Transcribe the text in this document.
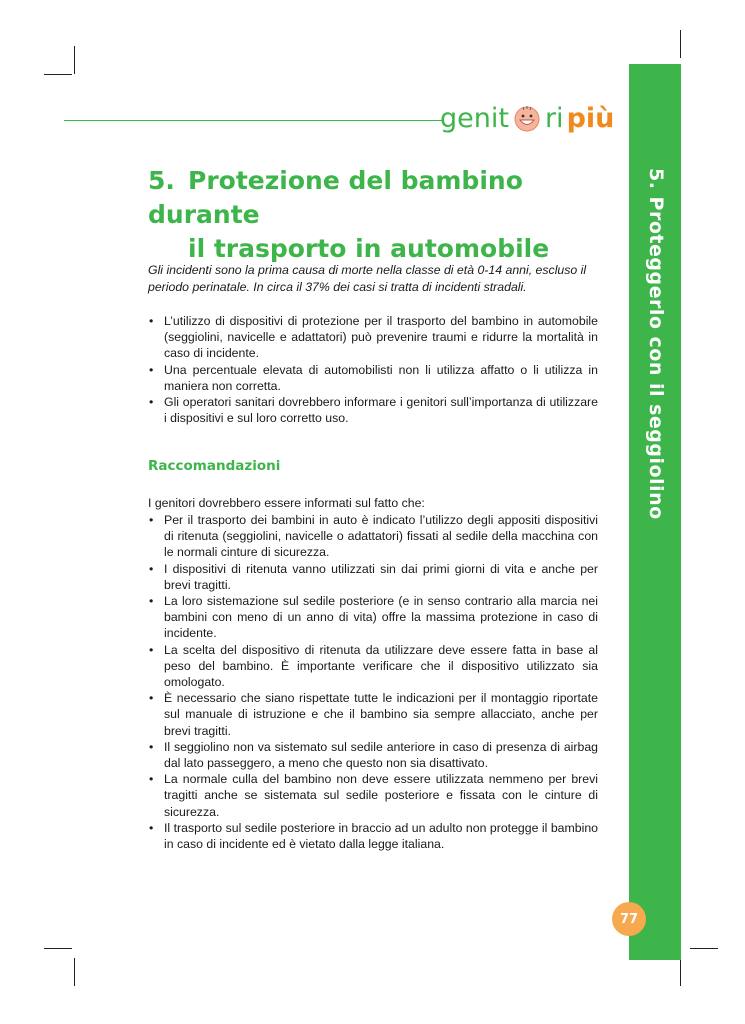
5. Proteggerlo con il seggiolino
genit ri più
5. Protezione del bambino durante
il trasporto in automobile
Gli incidenti sono la prima causa di morte nella classe di età 0-14 anni, escluso il periodo perinatale. In circa il 37% dei casi si tratta di incidenti stradali.
• L’utilizzo di dispositivi di protezione per il trasporto del bambino in automobile (seggiolini, navicelle e adattatori) può prevenire traumi e ridurre la mortalità in caso di incidente.
• Una percentuale elevata di automobilisti non li utilizza affatto o li utilizza in maniera non corretta.
• Gli operatori sanitari dovrebbero informare i genitori sull’importanza di utilizzare i dispositivi e sul loro corretto uso.
Raccomandazioni
I genitori dovrebbero essere informati sul fatto che:
• Per il trasporto dei bambini in auto è indicato l’utilizzo degli appositi dispositivi di ritenuta (seggiolini, navicelle o adattatori) fissati al sedile della macchina con le normali cinture di sicurezza.
• I dispositivi di ritenuta vanno utilizzati sin dai primi giorni di vita e anche per brevi tragitti.
• La loro sistemazione sul sedile posteriore (e in senso contrario alla marcia nei bambini con meno di un anno di vita) offre la massima protezione in caso di incidente.
• La scelta del dispositivo di ritenuta da utilizzare deve essere fatta in base al peso del bambino. È importante verificare che il dispositivo utilizzato sia omologato.
• È necessario che siano rispettate tutte le indicazioni per il montaggio riportate sul manuale di istruzione e che il bambino sia sempre allacciato, anche per brevi tragitti.
• Il seggiolino non va sistemato sul sedile anteriore in caso di presenza di airbag dal lato passeggero, a meno che questo non sia disattivato.
• La normale culla del bambino non deve essere utilizzata nemmeno per brevi tragitti anche se sistemata sul sedile posteriore e fissata con le cinture di sicurezza.
• Il trasporto sul sedile posteriore in braccio ad un adulto non protegge il bambino in caso di incidente ed è vietato dalla legge italiana.
77
